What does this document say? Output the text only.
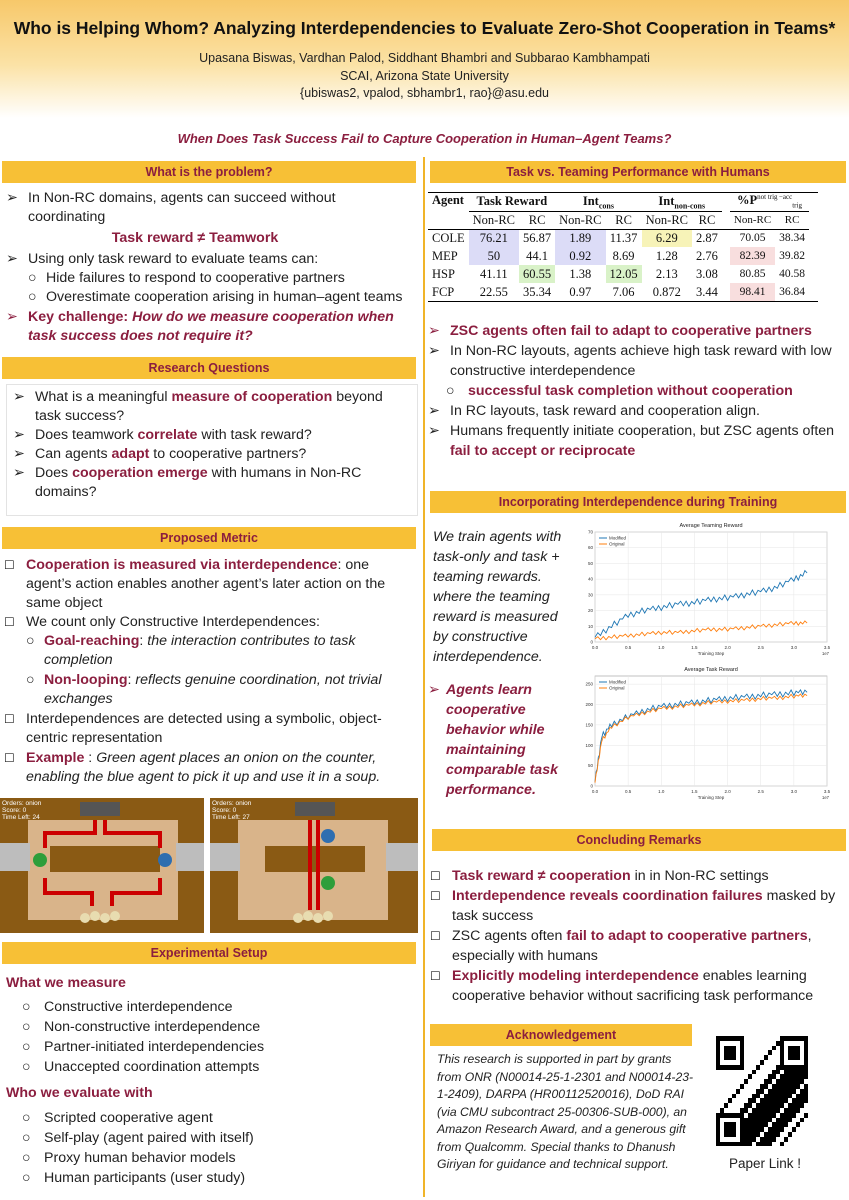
Who is Helping Whom? Analyzing Interdependencies to Evaluate Zero-Shot Cooperation in Teams*
Upasana Biswas, Vardhan Palod, Siddhant Bhambri and Subbarao Kambhampati
SCAI, Arizona State University
{ubiswas2, vpalod, sbhambr1, rao}@asu.edu
When Does Task Success Fail to Capture Cooperation in Human–Agent Teams?
What is the problem?
➢ In Non-RC domains, agents can succeed without coordinating
Task reward ≠ Teamwork
➢ Using only task reward to evaluate teams can:
○ Hide failures to respond to cooperative partners
○ Overestimate cooperation arising in human–agent teams
➢ Key challenge: How do we measure cooperation when task success does not require it?
Research Questions
➢ What is a meaningful measure of cooperation beyond task success?
➢ Does teamwork correlate with task reward?
➢ Can agents adapt to cooperative partners?
➢ Does cooperation emerge with humans in Non-RC domains?
Proposed Metric
☐ Cooperation is measured via interdependence: one agent’s action enables another agent’s later action on the same object
☐ We count only Constructive Interdependences:
○ Goal-reaching: the interaction contributes to task completion
○ Non-looping: reflects genuine coordination, not trivial exchanges
☐ Interdependences are detected using a symbolic, object-centric representation
☐ Example : Green agent places an onion on the counter, enabling the blue agent to pick it up and use it in a soup.
Orders: onion
Score: 0
Time Left: 24
Orders: onion
Score: 0
Time Left: 27
Experimental Setup
What we measure
○ Constructive interdependence
○ Non-constructive interdependence
○ Partner-initiated interdependencies
○ Unaccepted coordination attempts
Who we evaluate with
○ Scripted cooperative agent
○ Self-play (agent paired with itself)
○ Proxy human behavior models
○ Human participants (user study)
Task vs. Teaming Performance with Humans
Agent	Task Reward		Int$_{cons}$		Int$_{non-cons}$			$\%P^{not trig -acc}_{trig}$
	Non-RC	RC	Non-RC	RC	Non-RC	RC		Non-RC	RC
COLE	76.21	56.87	1.89	11.37	6.29	2.87		70.05	38.34
MEP	50	44.1	0.92	8.69	1.28	2.76		82.39	39.82
HSP	41.11	60.55	1.38	12.05	2.13	3.08		80.85	40.58
FCP	22.55	35.34	0.97	7.06	0.872	3.44		98.41	36.84
➢ ZSC agents often fail to adapt to cooperative partners
➢ In Non-RC layouts, agents achieve high task reward with low constructive interdependence
○ successful task completion without cooperation
➢ In RC layouts, task reward and cooperation align.
➢ Humans frequently initiate cooperation, but ZSC agents often fail to accept or reciprocate
Incorporating Interdependence during Training
We train agents with task-only and task + teaming rewards. where the teaming reward is measured by constructive interdependence.
➢ Agents learn cooperative behavior while maintaining comparable task performance.
Average Teaming Reward
0.0	0.5	1.0	1.5	2.0	2.5	3.0	3.5
0
10
20
30
40
50
60
70
Training Step	1e7
Modified
Original
Average Task Reward
0.0	0.5	1.0	1.5	2.0	2.5	3.0	3.5
0
50
100
150
200
250
Training Step	1e7
Modified
Original
Concluding Remarks
☐ Task reward ≠ cooperation in in Non-RC settings
☐ Interdependence reveals coordination failures masked by task success
☐ ZSC agents often fail to adapt to cooperative partners, especially with humans
☐ Explicitly modeling interdependence enables learning cooperative behavior without sacrificing task performance
Acknowledgement
This research is supported in part by grants from ONR (N00014-25-1-2301 and N00014-23-1-2409), DARPA (HR00112520016), DoD RAI (via CMU subcontract 25-00306-SUB-000), an Amazon Research Award, and a generous gift from Qualcomm. Special thanks to Dhanush Giriyan for guidance and technical support.	Paper Link !
